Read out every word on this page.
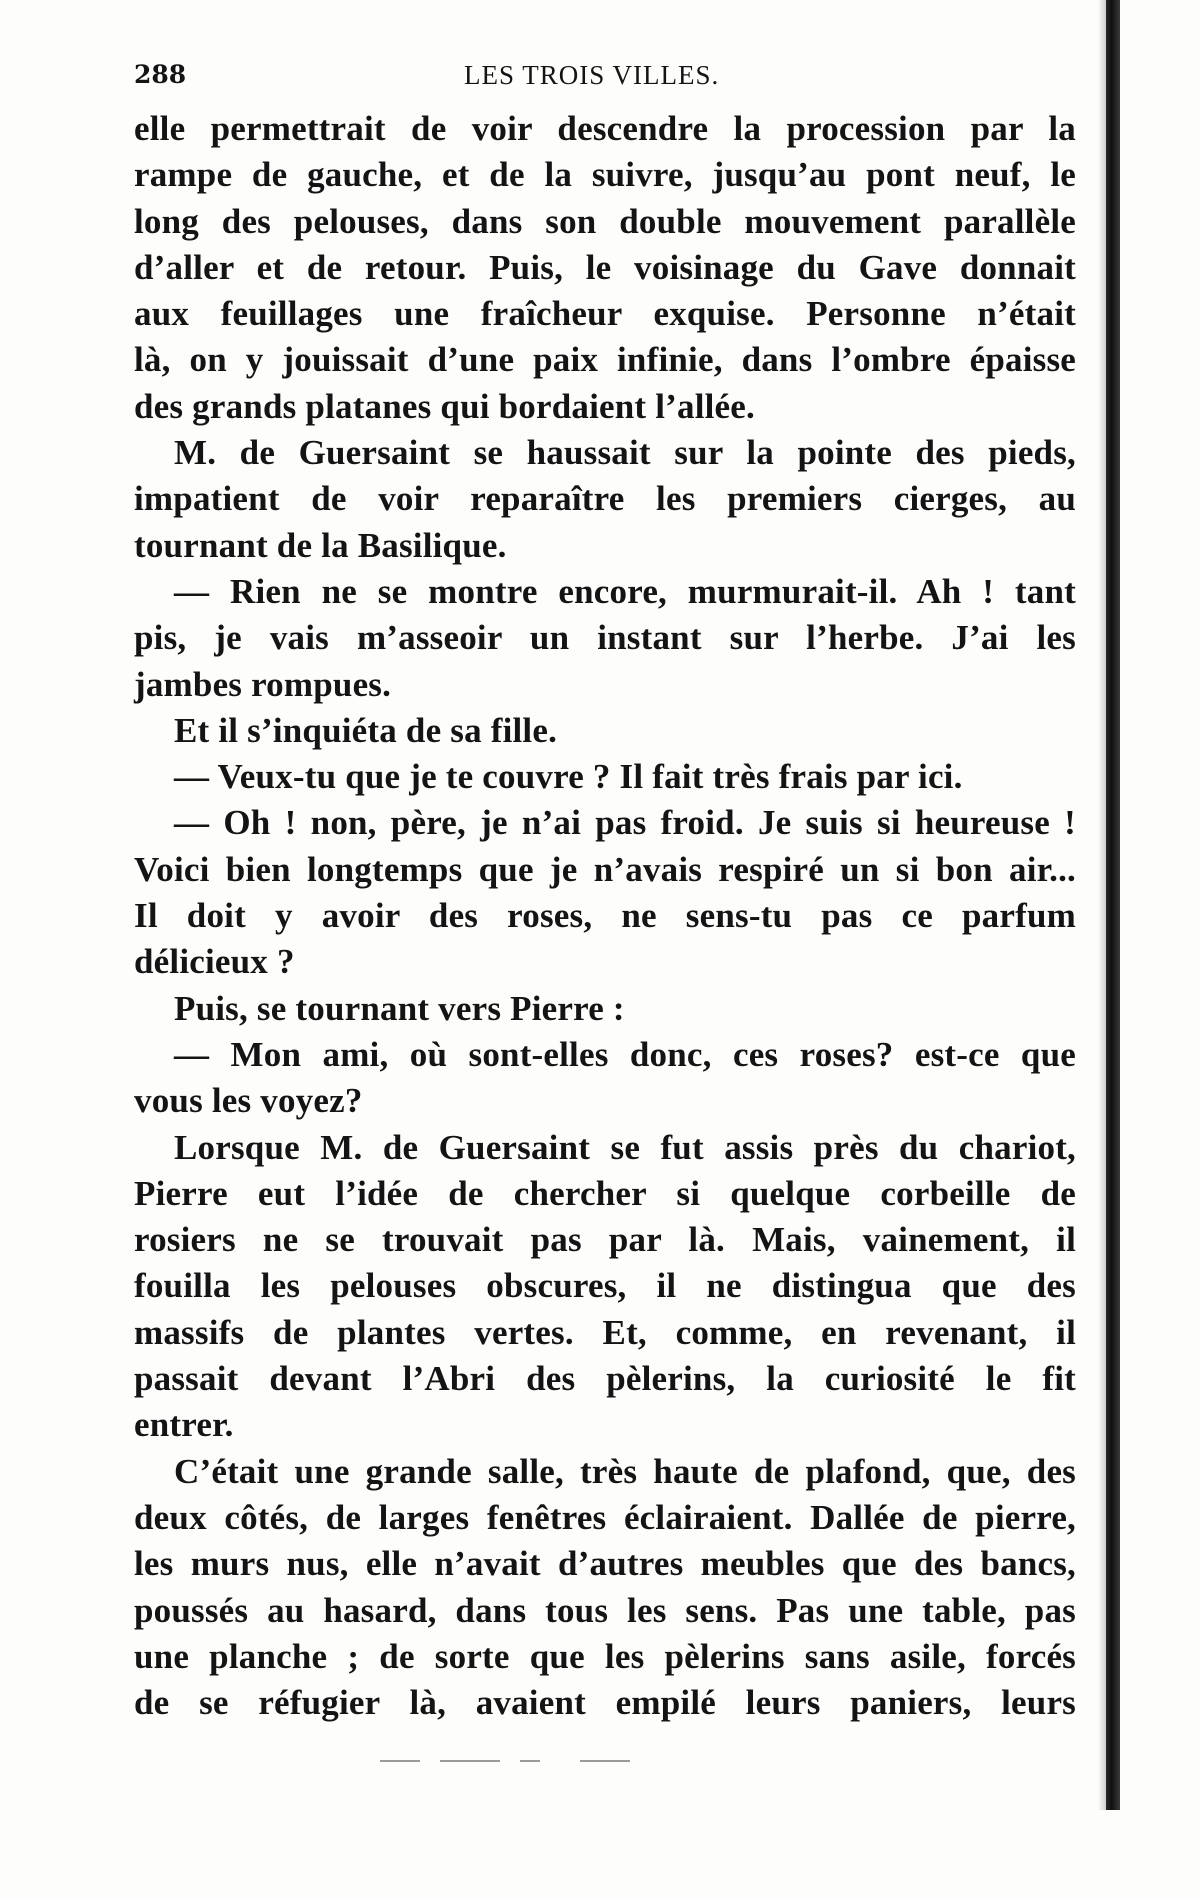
288	LES TROIS VILLES.
elle permettrait de voir descendre la procession par la
rampe de gauche, et de la suivre, jusqu’au pont neuf, le
long des pelouses, dans son double mouvement parallèle
d’aller et de retour. Puis, le voisinage du Gave donnait
aux feuillages une fraîcheur exquise. Personne n’était
là, on y jouissait d’une paix infinie, dans l’ombre épaisse
des grands platanes qui bordaient l’allée.
M. de Guersaint se haussait sur la pointe des pieds,
impatient de voir reparaître les premiers cierges, au
tournant de la Basilique.
— Rien ne se montre encore, murmurait-il. Ah ! tant
pis, je vais m’asseoir un instant sur l’herbe. J’ai les
jambes rompues.
Et il s’inquiéta de sa fille.
— Veux-tu que je te couvre ? Il fait très frais par ici.
— Oh ! non, père, je n’ai pas froid. Je suis si heureuse !
Voici bien longtemps que je n’avais respiré un si bon air...
Il doit y avoir des roses, ne sens-tu pas ce parfum
délicieux ?
Puis, se tournant vers Pierre :
— Mon ami, où sont-elles donc, ces roses? est-ce que
vous les voyez?
Lorsque M. de Guersaint se fut assis près du chariot,
Pierre eut l’idée de chercher si quelque corbeille de
rosiers ne se trouvait pas par là. Mais, vainement, il
fouilla les pelouses obscures, il ne distingua que des
massifs de plantes vertes. Et, comme, en revenant, il
passait devant l’Abri des pèlerins, la curiosité le fit
entrer.
C’était une grande salle, très haute de plafond, que, des
deux côtés, de larges fenêtres éclairaient. Dallée de pierre,
les murs nus, elle n’avait d’autres meubles que des bancs,
poussés au hasard, dans tous les sens. Pas une table, pas
une planche ; de sorte que les pèlerins sans asile, forcés
de se réfugier là, avaient empilé leurs paniers, leurs
